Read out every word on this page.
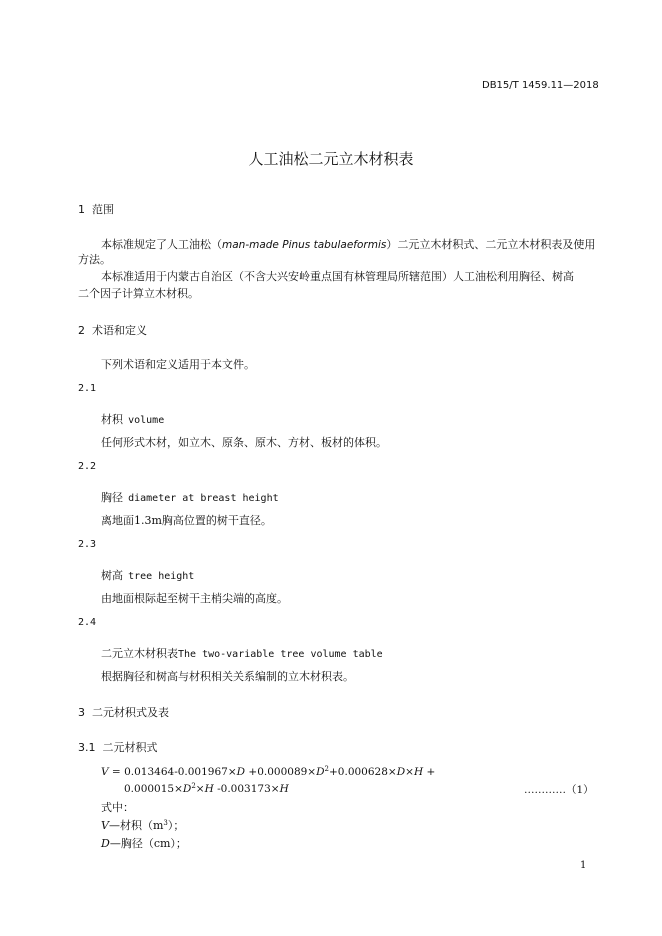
DB15/T 1459.11—2018
人工油松二元立木材积表
1 范围
本标准规定了人工油松（man-made Pinus tabulaeformis）二元立木材积式、二元立木材积表及使用
方法。
本标准适用于内蒙古自治区（不含大兴安岭重点国有林管理局所辖范围）人工油松利用胸径、树高
二个因子计算立木材积。
2 术语和定义
下列术语和定义适用于本文件。
2.1
材积 volume
任何形式木材，如立木、原条、原木、方材、板材的体积。
2.2
胸径 diameter at breast height
离地面1.3m胸高位置的树干直径。
2.3
树高 tree height
由地面根际起至树干主梢尖端的高度。
2.4
二元立木材积表The two-variable tree volume table
根据胸径和树高与材积相关关系编制的立木材积表。
3 二元材积式及表
3.1 二元材积式
$V = 0.013464-0.001967\times D +0.000089\times D^2+0.000628\times D\times H$ +
$0.000015\times D^2\times H$ -0.003173×H	…………（1）
式中：
V—材积$(m^3)$；
D—胸径（cm）；
1
